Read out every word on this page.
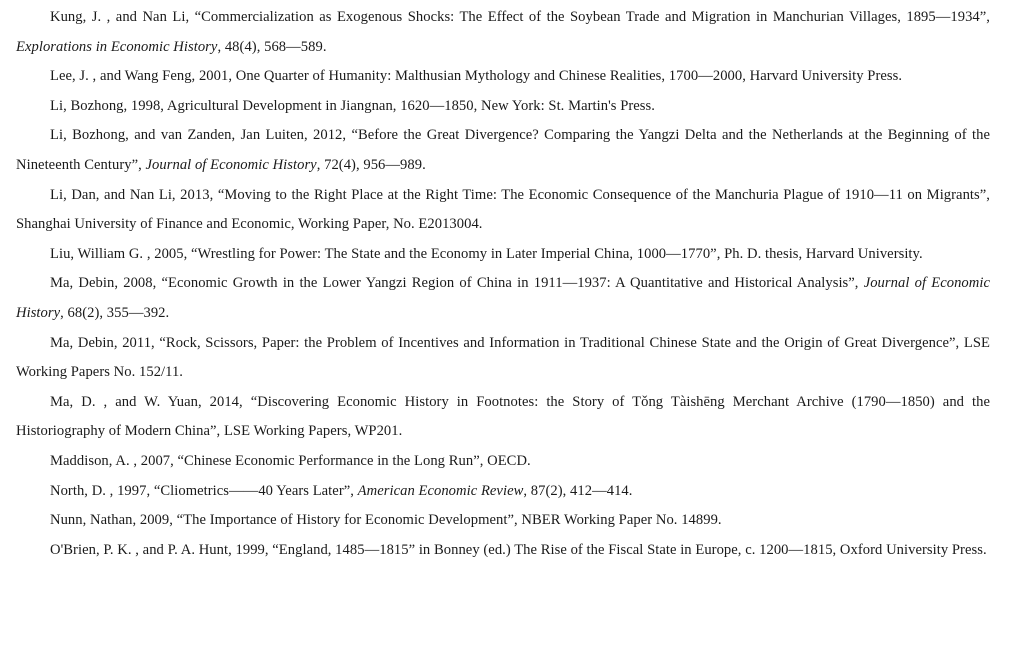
Kung, J. , and Nan Li, “Commercialization as Exogenous Shocks: The Effect of the Soybean Trade and Migration in Manchurian Villages, 1895—1934”, Explorations in Economic History, 48(4), 568—589.

Lee, J. , and Wang Feng, 2001, One Quarter of Humanity: Malthusian Mythology and Chinese Realities, 1700—2000, Harvard University Press.

Li, Bozhong, 1998, Agricultural Development in Jiangnan, 1620—1850, New York: St. Martin's Press.

Li, Bozhong, and van Zanden, Jan Luiten, 2012, “Before the Great Divergence? Comparing the Yangzi Delta and the Netherlands at the Beginning of the Nineteenth Century”, Journal of Economic History, 72(4), 956—989.

Li, Dan, and Nan Li, 2013, “Moving to the Right Place at the Right Time: The Economic Consequence of the Manchuria Plague of 1910—11 on Migrants”, Shanghai University of Finance and Economic, Working Paper, No. E2013004.

Liu, William G. , 2005, “Wrestling for Power: The State and the Economy in Later Imperial China, 1000—1770”, Ph. D. thesis, Harvard University.

Ma, Debin, 2008, “Economic Growth in the Lower Yangzi Region of China in 1911—1937: A Quantitative and Historical Analysis”, Journal of Economic History, 68(2), 355—392.

Ma, Debin, 2011, “Rock, Scissors, Paper: the Problem of Incentives and Information in Traditional Chinese State and the Origin of Great Divergence”, LSE Working Papers No. 152/11.

Ma, D. , and W. Yuan, 2014, “Discovering Economic History in Footnotes: the Story of Tǒng Tàishēng Merchant Archive (1790—1850) and the Historiography of Modern China”, LSE Working Papers, WP201.

Maddison, A. , 2007, “Chinese Economic Performance in the Long Run”, OECD.

North, D. , 1997, “Cliometrics——40 Years Later”, American Economic Review, 87(2), 412—414.

Nunn, Nathan, 2009, “The Importance of History for Economic Development”, NBER Working Paper No. 14899.

O'Brien, P. K. , and P. A. Hunt, 1999, “England, 1485—1815” in Bonney (ed.) The Rise of the Fiscal State in Europe, c. 1200—1815, Oxford University Press.
